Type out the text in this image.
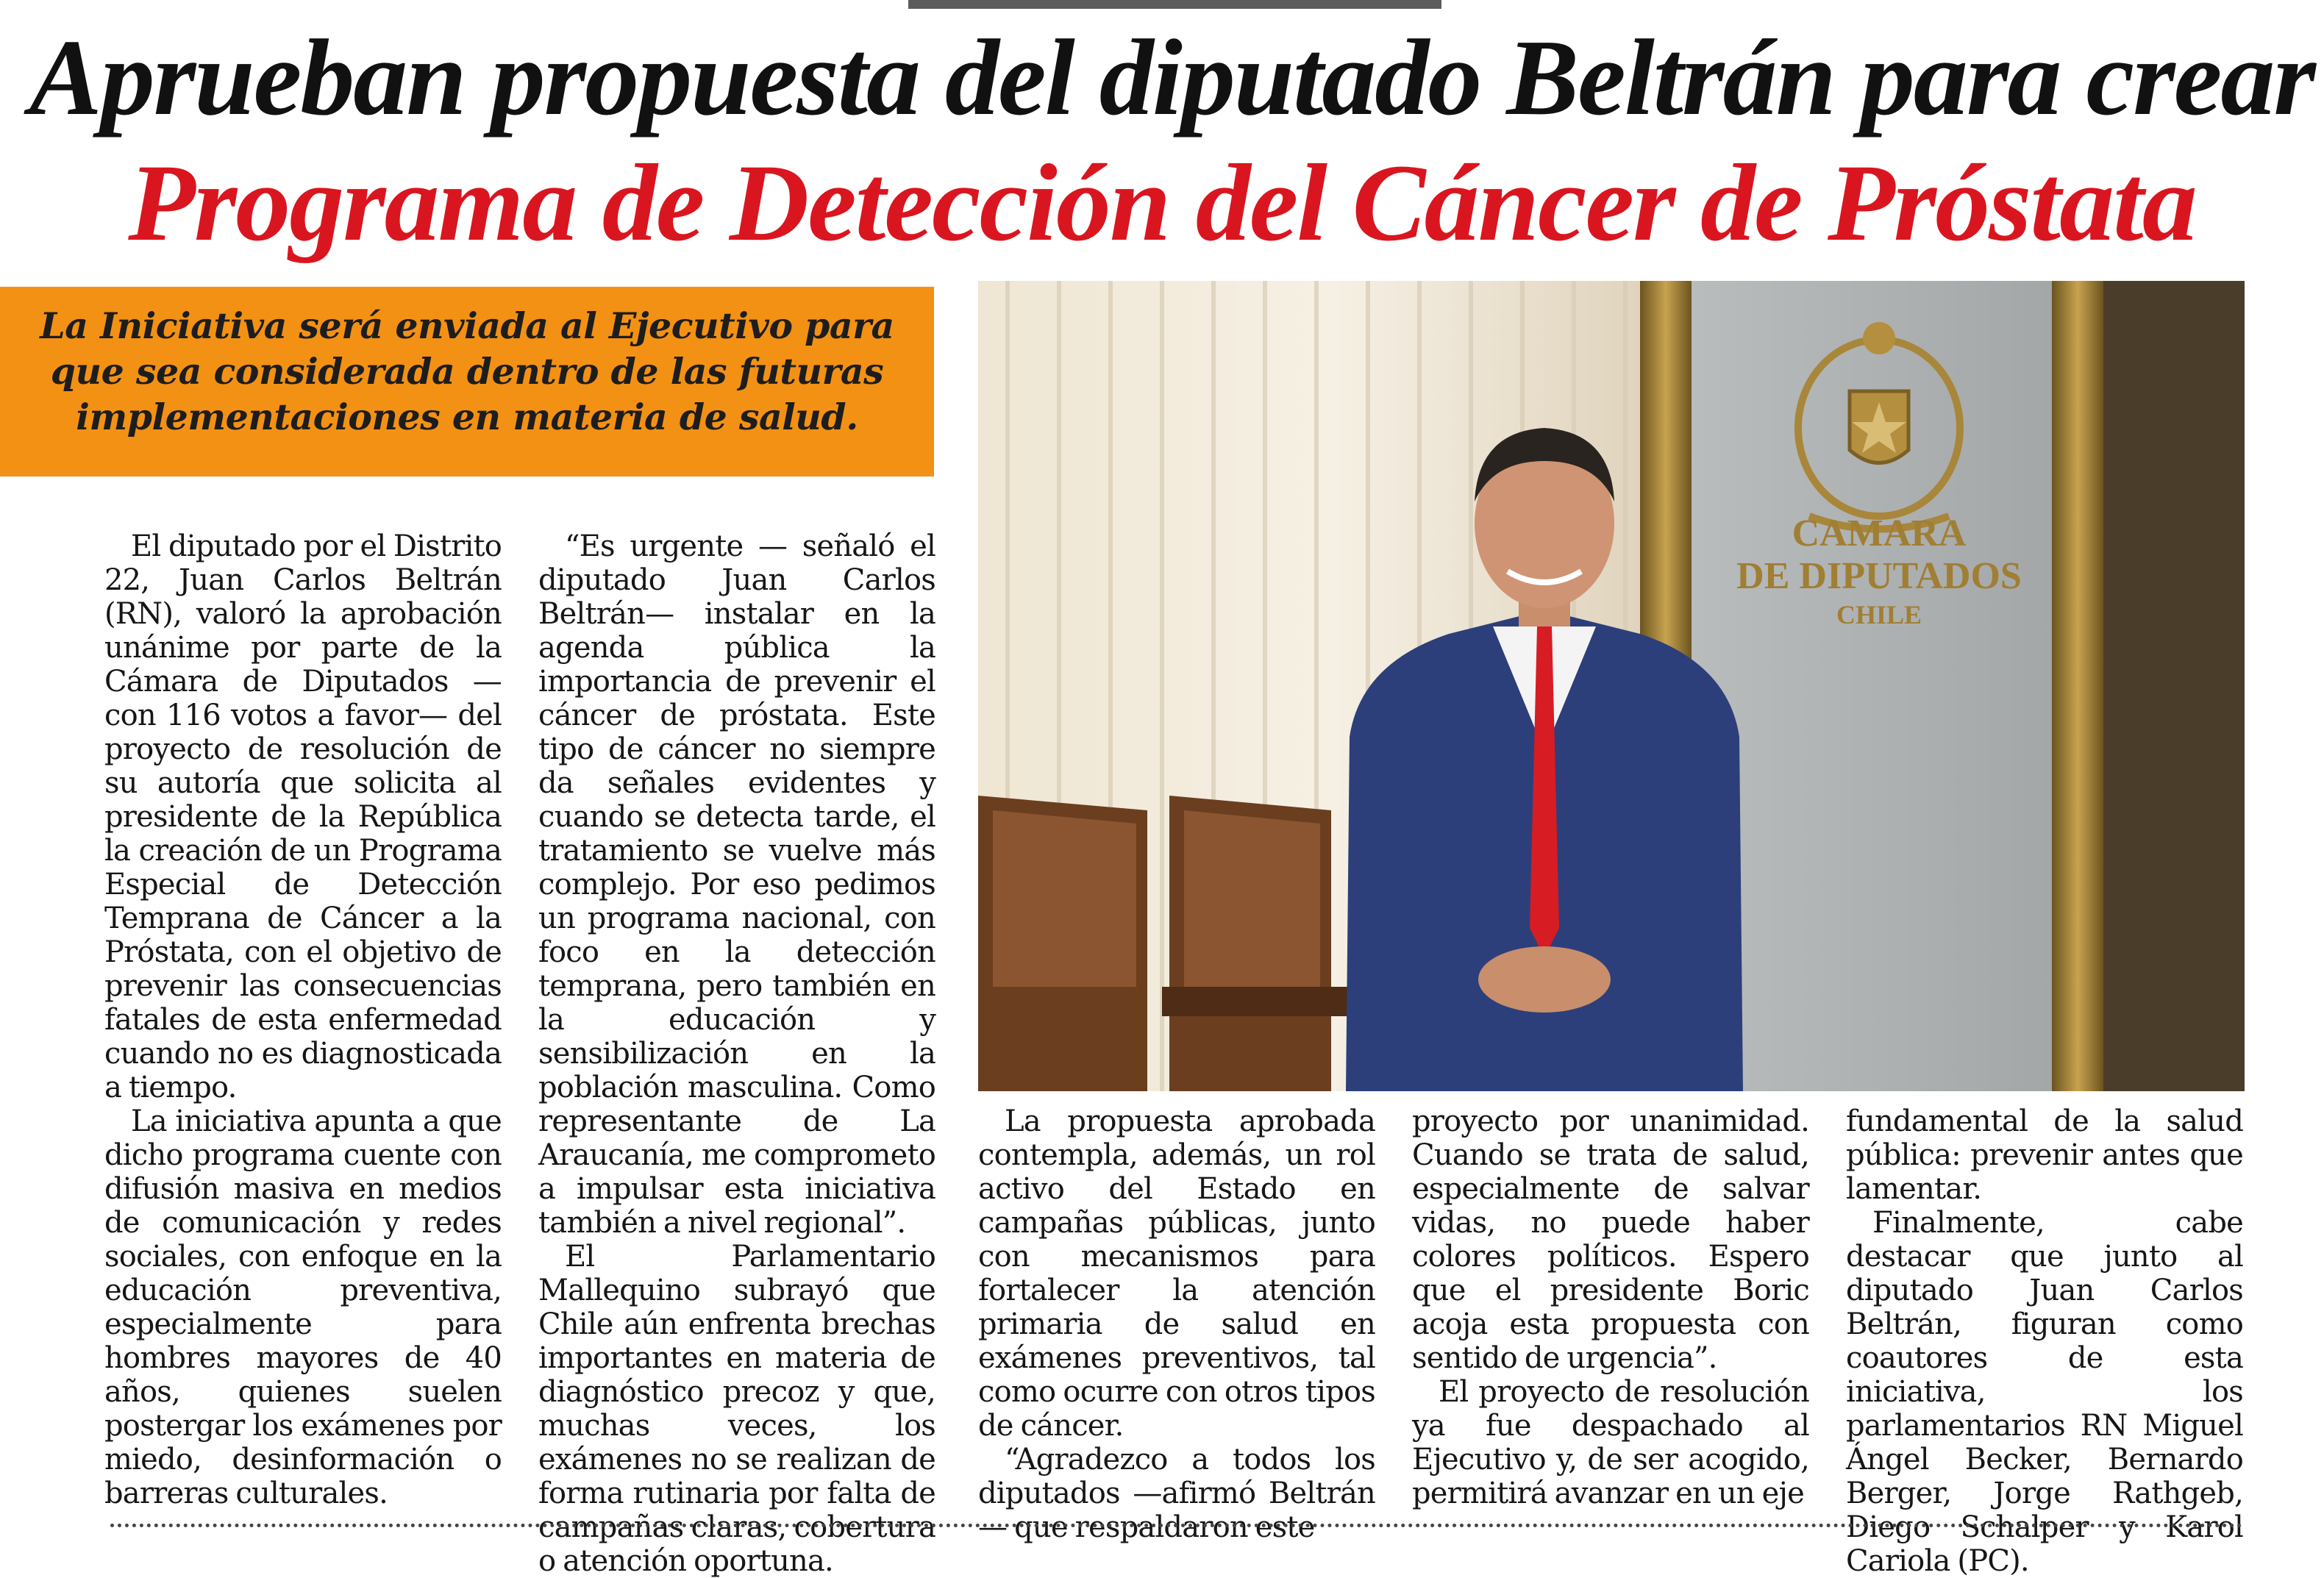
Aprueban propuesta del diputado Beltrán para crear
Programa de Detección del Cáncer de Próstata

La Iniciativa será enviada al Ejecutivo para que sea considerada dentro de las futuras implementaciones en materia de salud.

CAMARA
DE DIPUTADOS
CHILE

El diputado por el Distrito 22, Juan Carlos Beltrán (RN), valoró la aprobación unánime por parte de la Cámara de Diputados —con 116 votos a favor— del proyecto de resolución de su autoría que solicita al presidente de la República la creación de un Programa Especial de Detección Temprana de Cáncer a la Próstata, con el objetivo de prevenir las consecuencias fatales de esta enfermedad cuando no es diagnosticada a tiempo.

La iniciativa apunta a que dicho programa cuente con difusión masiva en medios de comunicación y redes sociales, con enfoque en la educación preventiva, especialmente para hombres mayores de 40 años, quienes suelen postergar los exámenes por miedo, desinformación o barreras culturales.

“Es urgente — señaló el diputado Juan Carlos Beltrán— instalar en la agenda pública la importancia de prevenir el cáncer de próstata. Este tipo de cáncer no siempre da señales evidentes y cuando se detecta tarde, el tratamiento se vuelve más complejo. Por eso pedimos un programa nacional, con foco en la detección temprana, pero también en la educación y sensibilización en la población masculina. Como representante de La Araucanía, me comprometo a impulsar esta iniciativa también a nivel regional”.

El Parlamentario Mallequino subrayó que Chile aún enfrenta brechas importantes en materia de diagnóstico precoz y que, muchas veces, los exámenes no se realizan de forma rutinaria por falta de campañas claras, cobertura o atención oportuna.

La propuesta aprobada contempla, además, un rol activo del Estado en campañas públicas, junto con mecanismos para fortalecer la atención primaria de salud en exámenes preventivos, tal como ocurre con otros tipos de cáncer.

“Agradezco a todos los diputados —afirmó Beltrán— que respaldaron este

proyecto por unanimidad. Cuando se trata de salud, especialmente de salvar vidas, no puede haber colores políticos. Espero que el presidente Boric acoja esta propuesta con sentido de urgencia”.

El proyecto de resolución ya fue despachado al Ejecutivo y, de ser acogido, permitirá avanzar en un eje

fundamental de la salud pública: prevenir antes que lamentar.

Finalmente, cabe destacar que junto al diputado Juan Carlos Beltrán, figuran como coautores de esta iniciativa, los parlamentarios RN Miguel Ángel Becker, Bernardo Berger, Jorge Rathgeb, Diego Schalper y Karol Cariola (PC).
